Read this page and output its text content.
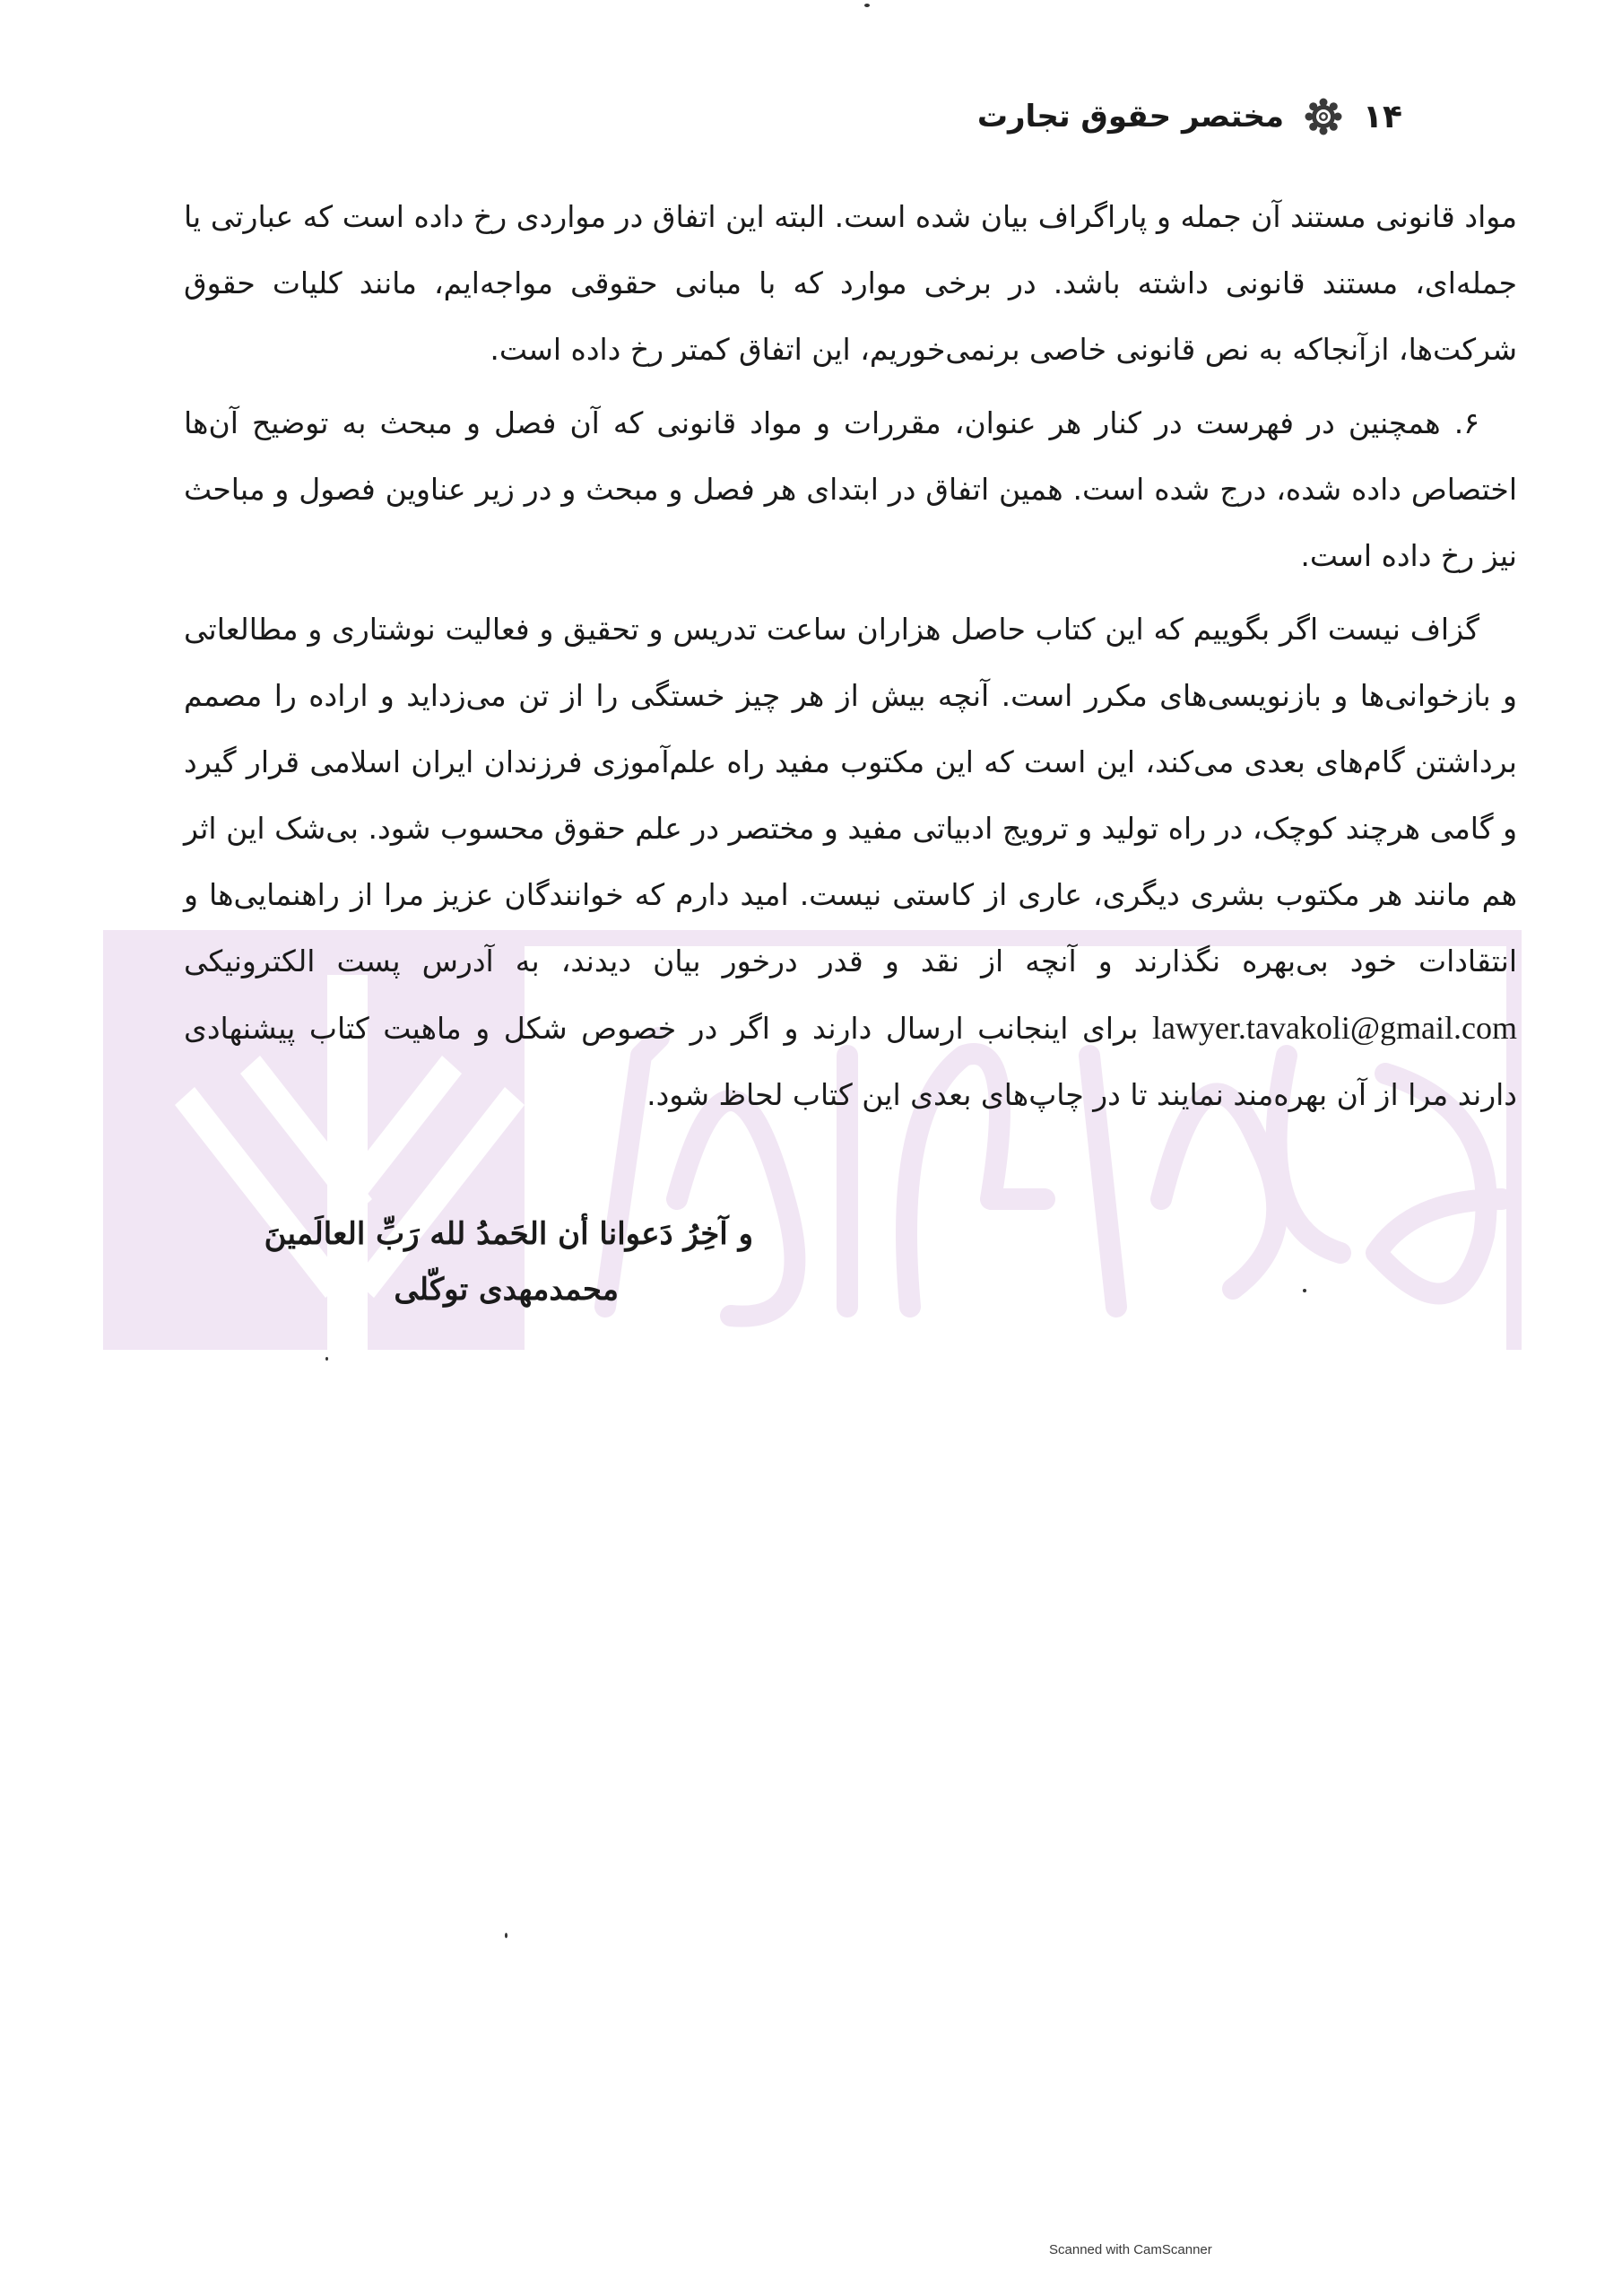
۱۴
مختصر حقوق تجارت

مواد قانونی مستند آن جمله و پاراگراف بیان شده است. البته این اتفاق در مواردی رخ داده است که عبارتی یا جمله‌ای، مستند قانونی داشته باشد. در برخی موارد که با مبانی حقوقی مواجه‌ایم، مانند کلیات حقوق شرکت‌ها، ازآنجاکه به نص قانونی خاصی برنمی‌خوریم، این اتفاق کمتر رخ داده است.

۶. همچنین در فهرست در کنار هر عنوان، مقررات و مواد قانونی که آن فصل و مبحث به توضیح آن‌ها اختصاص داده شده، درج شده است. همین اتفاق در ابتدای هر فصل و مبحث و در زیر عناوین فصول و مباحث نیز رخ داده است.

گزاف نیست اگر بگوییم که این کتاب حاصل هزاران ساعت تدریس و تحقیق و فعالیت نوشتاری و مطالعاتی و بازخوانی‌ها و بازنویسی‌های مکرر است. آنچه بیش از هر چیز خستگی را از تن می‌زداید و اراده را مصمم برداشتن گام‌های بعدی می‌کند، این است که این مکتوب مفید راه علم‌آموزی فرزندان ایران اسلامی قرار گیرد و گامی هرچند کوچک، در راه تولید و ترویج ادبیاتی مفید و مختصر در علم حقوق محسوب شود. بی‌شک این اثر هم مانند هر مکتوب بشری دیگری، عاری از کاستی نیست. امید دارم که خوانندگان عزیز مرا از راهنمایی‌ها و انتقادات خود بی‌بهره نگذارند و آنچه از نقد و قدر درخور بیان دیدند، به آدرس پست الکترونیکی lawyer.tavakoli@gmail.com برای اینجانب ارسال دارند و اگر در خصوص شکل و ماهیت کتاب پیشنهادی دارند مرا از آن بهره‌مند نمایند تا در چاپ‌های بعدی این کتاب لحاظ شود.

و آخِرُ دَعوانا أن الحَمدُ لله رَبِّ العالَمینَ
محمدمهدی توکّلی
Scanned with CamScanner
